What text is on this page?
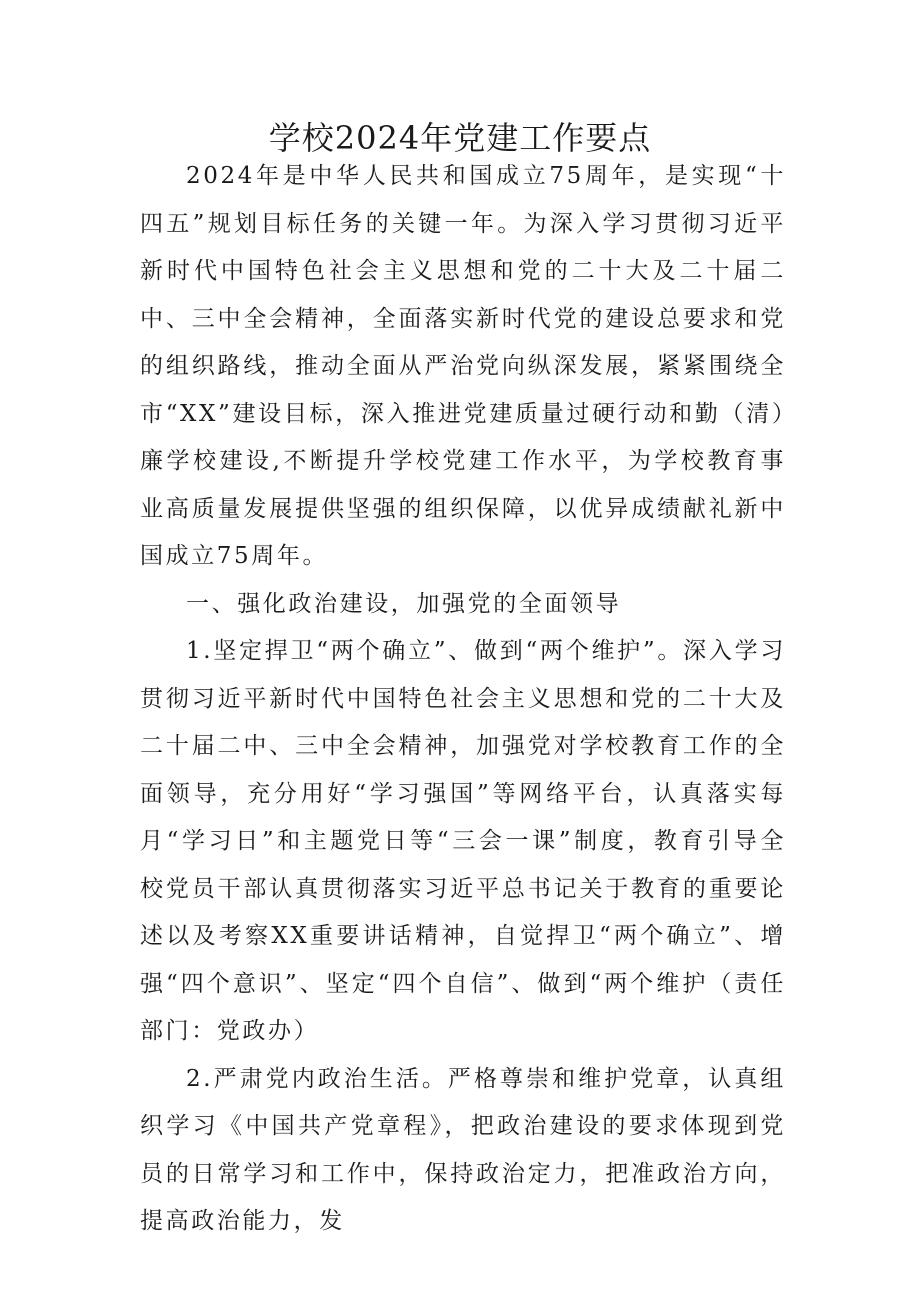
学校2024年党建工作要点

2024年是中华人民共和国成立75周年，是实现“十四五”规划目标任务的关键一年。为深入学习贯彻习近平新时代中国特色社会主义思想和党的二十大及二十届二中、三中全会精神，全面落实新时代党的建设总要求和党的组织路线，推动全面从严治党向纵深发展，紧紧围绕全市“XX”建设目标，深入推进党建质量过硬行动和勤（清）廉学校建设,不断提升学校党建工作水平，为学校教育事业高质量发展提供坚强的组织保障，以优异成绩献礼新中国成立75周年。

一、强化政治建设，加强党的全面领导

1.坚定捍卫“两个确立”、做到“两个维护”。深入学习贯彻习近平新时代中国特色社会主义思想和党的二十大及二十届二中、三中全会精神，加强党对学校教育工作的全面领导，充分用好“学习强国”等网络平台，认真落实每月“学习日”和主题党日等“三会一课”制度，教育引导全校党员干部认真贯彻落实习近平总书记关于教育的重要论述以及考察XX重要讲话精神，自觉捍卫“两个确立”、增强“四个意识”、坚定“四个自信”、做到“两个维护（责任部门：党政办）

2.严肃党内政治生活。严格尊崇和维护党章，认真组织学习《中国共产党章程》，把政治建设的要求体现到党员的日常学习和工作中，保持政治定力，把准政治方向，提高政治能力，发
